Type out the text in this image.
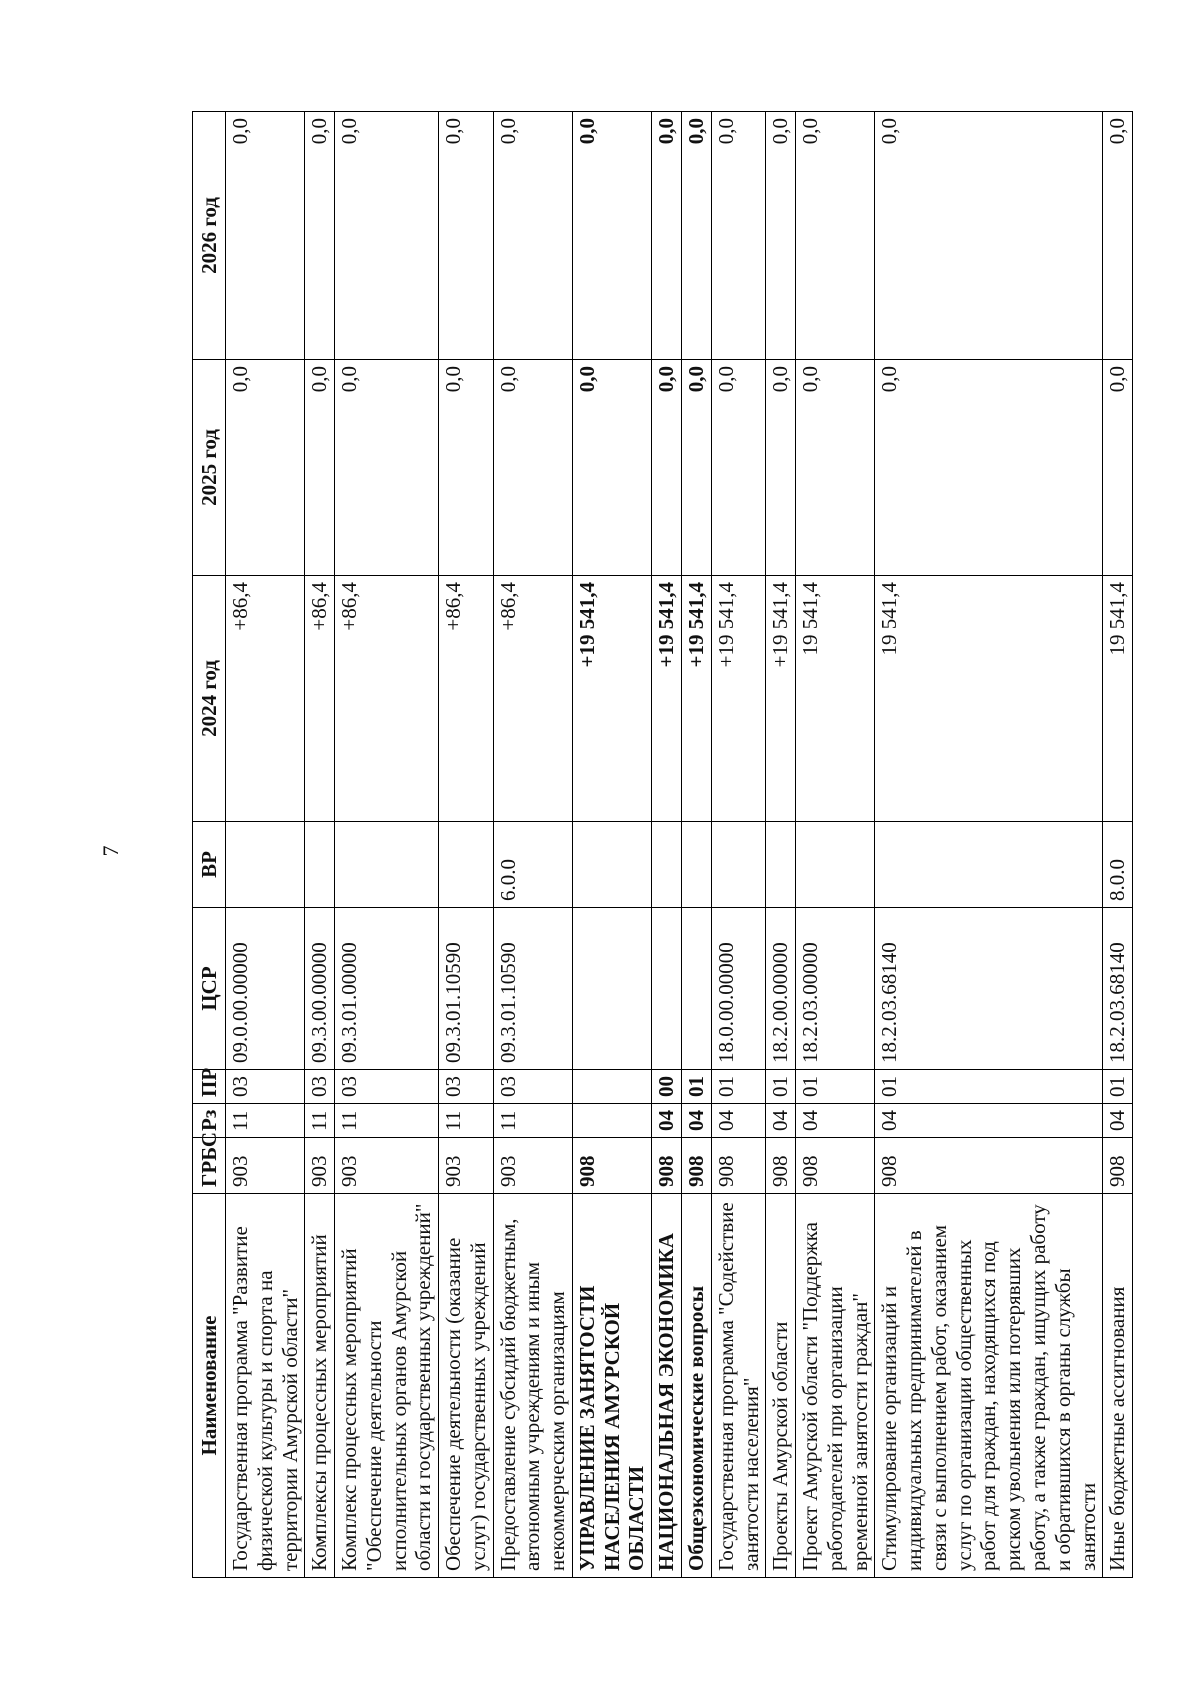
7
Наименование	ГРБС	Рз	ПР	ЦСР	ВР	2024 год	2025 год	2026 год
Государственная программа "Развитие физической культуры и спорта на территории Амурской области"	903	11	03	09.0.00.00000		+86,4	0,0	0,0
Комплексы процессных мероприятий	903	11	03	09.3.00.00000		+86,4	0,0	0,0
Комплекс процессных мероприятий "Обеспечение деятельности исполнительных органов Амурской области и государственных учреждений"	903	11	03	09.3.01.00000		+86,4	0,0	0,0
Обеспечение деятельности (оказание услуг) государственных учреждений	903	11	03	09.3.01.10590		+86,4	0,0	0,0
Предоставление субсидий бюджетным, автономным учреждениям и иным некоммерческим организациям	903	11	03	09.3.01.10590	6.0.0	+86,4	0,0	0,0
УПРАВЛЕНИЕ ЗАНЯТОСТИ НАСЕЛЕНИЯ АМУРСКОЙ ОБЛАСТИ	908					+19 541,4	0,0	0,0
НАЦИОНАЛЬНАЯ ЭКОНОМИКА	908	04	00			+19 541,4	0,0	0,0
Общеэкономические вопросы	908	04	01			+19 541,4	0,0	0,0
Государственная программа "Содействие занятости населения"	908	04	01	18.0.00.00000		+19 541,4	0,0	0,0
Проекты Амурской области	908	04	01	18.2.00.00000		+19 541,4	0,0	0,0
Проект Амурской области "Поддержка работодателей при организации временной занятости граждан"	908	04	01	18.2.03.00000		19 541,4	0,0	0,0
Стимулирование организаций и индивидуальных предпринимателей в связи с выполнением работ, оказанием услуг по организации общественных работ для граждан, находящихся под риском увольнения или потерявших работу, а также граждан, ищущих работу и обратившихся в органы службы занятости	908	04	01	18.2.03.68140		19 541,4	0,0	0,0
Иные бюджетные ассигнования	908	04	01	18.2.03.68140	8.0.0	19 541,4	0,0	0,0
